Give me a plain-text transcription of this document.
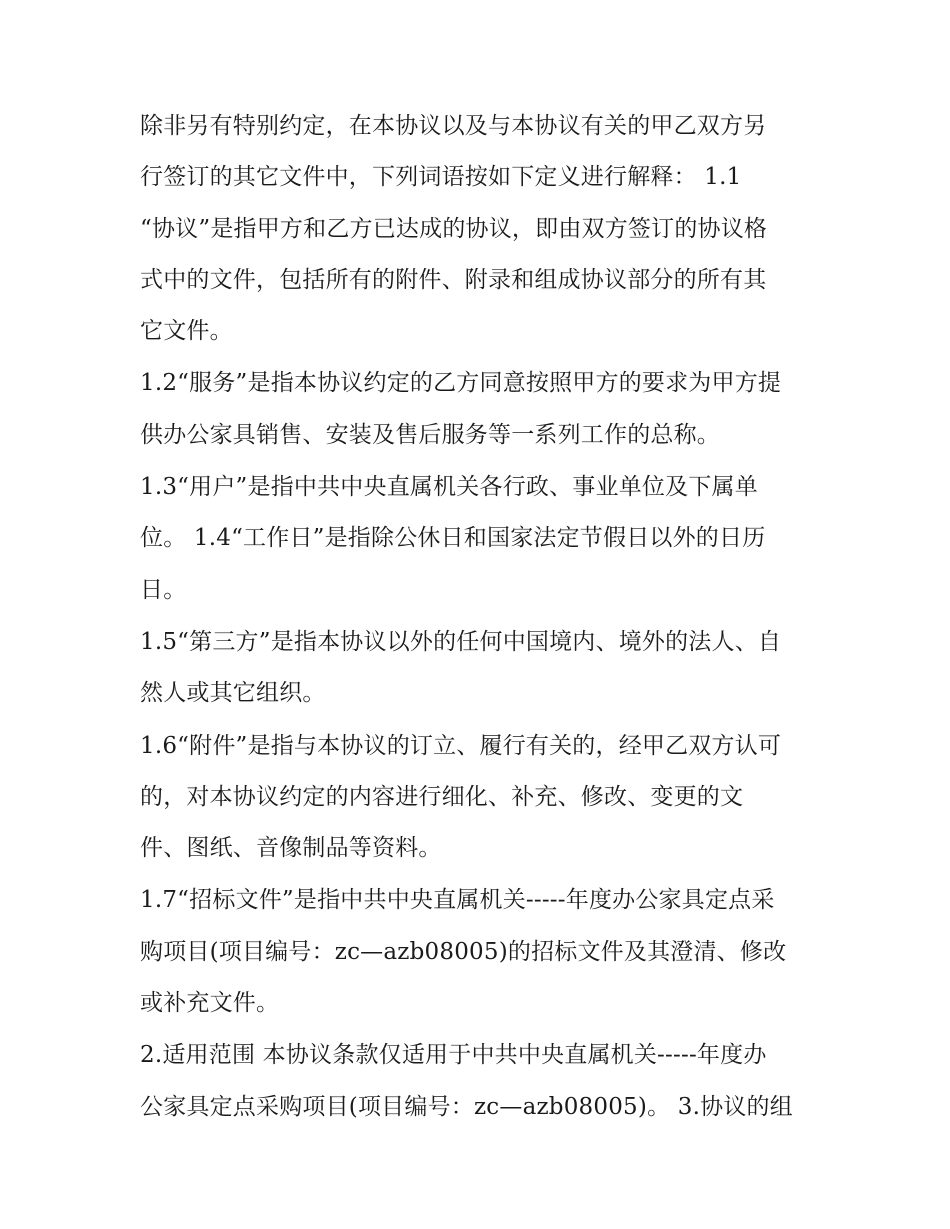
除非另有特别约定，在本协议以及与本协议有关的甲乙双方另
行签订的其它文件中，下列词语按如下定义进行解释： 1.1
“协议”是指甲方和乙方已达成的协议，即由双方签订的协议格
式中的文件，包括所有的附件、附录和组成协议部分的所有其
它文件。

1.2“服务”是指本协议约定的乙方同意按照甲方的要求为甲方提
供办公家具销售、安装及售后服务等一系列工作的总称。

1.3“用户”是指中共中央直属机关各行政、事业单位及下属单
位。 1.4“工作日”是指除公休日和国家法定节假日以外的日历
日。

1.5“第三方”是指本协议以外的任何中国境内、境外的法人、自
然人或其它组织。

1.6“附件”是指与本协议的订立、履行有关的，经甲乙双方认可
的，对本协议约定的内容进行细化、补充、修改、变更的文
件、图纸、音像制品等资料。

1.7“招标文件”是指中共中央直属机关-----年度办公家具定点采
购项目(项目编号：zc—azb08005)的招标文件及其澄清、修改
或补充文件。

2.适用范围 本协议条款仅适用于中共中央直属机关-----年度办
公家具定点采购项目(项目编号：zc—azb08005)。 3.协议的组
